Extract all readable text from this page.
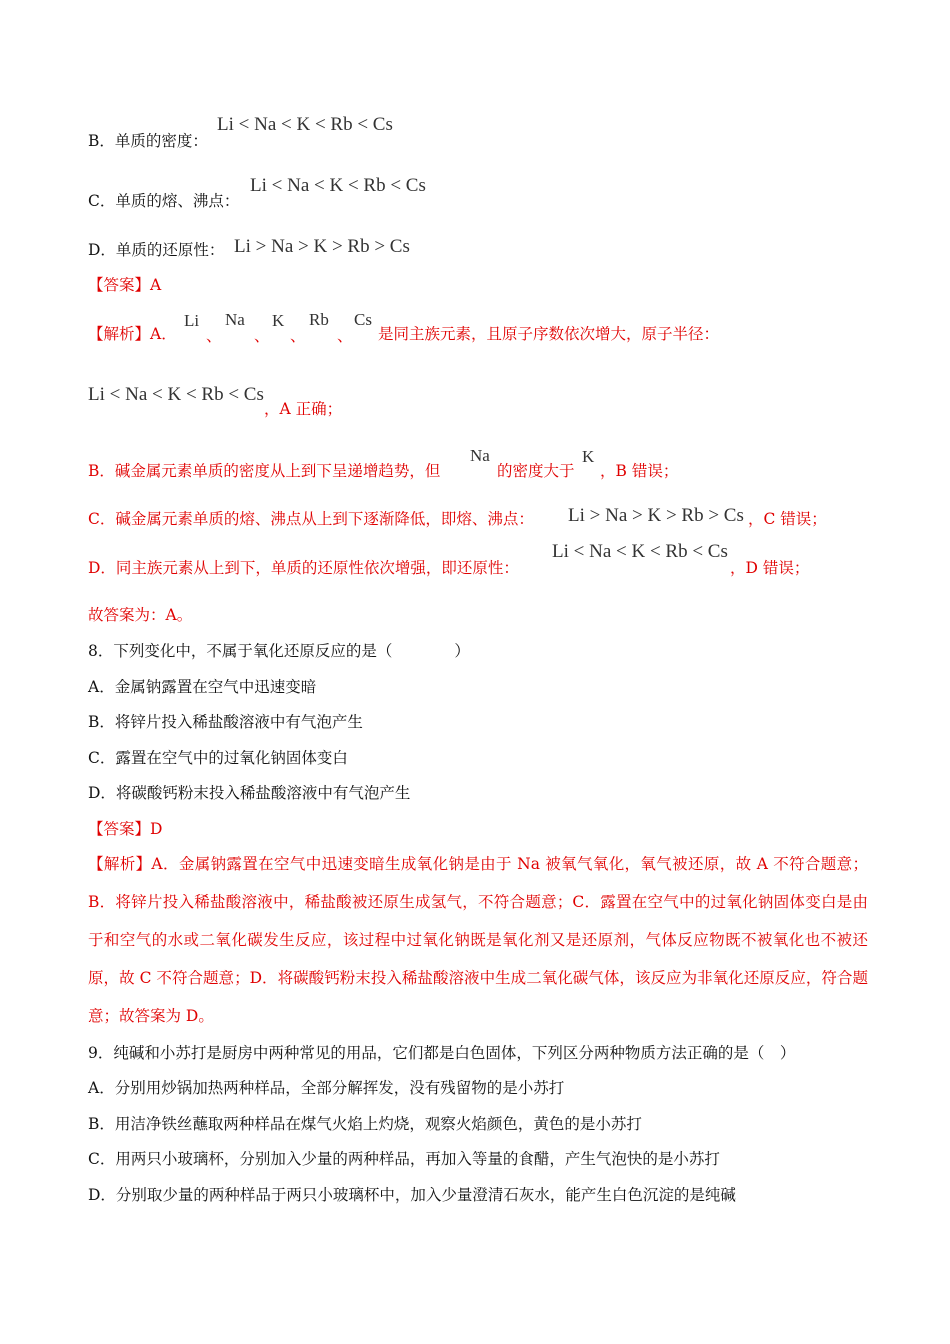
B．单质的密度：
Li < Na < K < Rb < Cs
C．单质的熔、沸点：
Li < Na < K < Rb < Cs
D．单质的还原性： Li > Na > K > Rb > Cs
【答案】A
【解析】A．
Li
、
Na
、
K
、
Rb
、
Cs
是同主族元素，且原子序数依次增大，原子半径：
Li < Na < K < Rb < Cs
，A 正确；
B．碱金属元素单质的密度从上到下呈递增趋势，但
Na
的密度大于
K
，B 错误；
C．碱金属元素单质的熔、沸点从上到下逐渐降低，即熔、沸点： Li > Na > K > Rb > Cs ，C 错误；
D．同主族元素从上到下，单质的还原性依次增强，即还原性：
Li < Na < K < Rb < Cs
，D 错误；
故答案为：A。
8．下列变化中，不属于氧化还原反应的是（　　　　）
A．金属钠露置在空气中迅速变暗
B．将锌片投入稀盐酸溶液中有气泡产生
C．露置在空气中的过氧化钠固体变白
D．将碳酸钙粉末投入稀盐酸溶液中有气泡产生
【答案】D
【解析】A．金属钠露置在空气中迅速变暗生成氧化钠是由于 Na 被氧气氧化，氧气被还原，故 A 不符合题意；B．将锌片投入稀盐酸溶液中，稀盐酸被还原生成氢气，不符合题意；C．露置在空气中的过氧化钠固体变白是由于和空气的水或二氧化碳发生反应，该过程中过氧化钠既是氧化剂又是还原剂，气体反应物既不被氧化也不被还原，故 C 不符合题意；D．将碳酸钙粉末投入稀盐酸溶液中生成二氧化碳气体，该反应为非氧化还原反应，符合题意；故答案为 D。
9．纯碱和小苏打是厨房中两种常见的用品，它们都是白色固体，下列区分两种物质方法正确的是（　）
A．分别用炒锅加热两种样品，全部分解挥发，没有残留物的是小苏打
B．用洁净铁丝蘸取两种样品在煤气火焰上灼烧，观察火焰颜色，黄色的是小苏打
C．用两只小玻璃杯，分别加入少量的两种样品，再加入等量的食醋，产生气泡快的是小苏打
D．分别取少量的两种样品于两只小玻璃杯中，加入少量澄清石灰水，能产生白色沉淀的是纯碱
